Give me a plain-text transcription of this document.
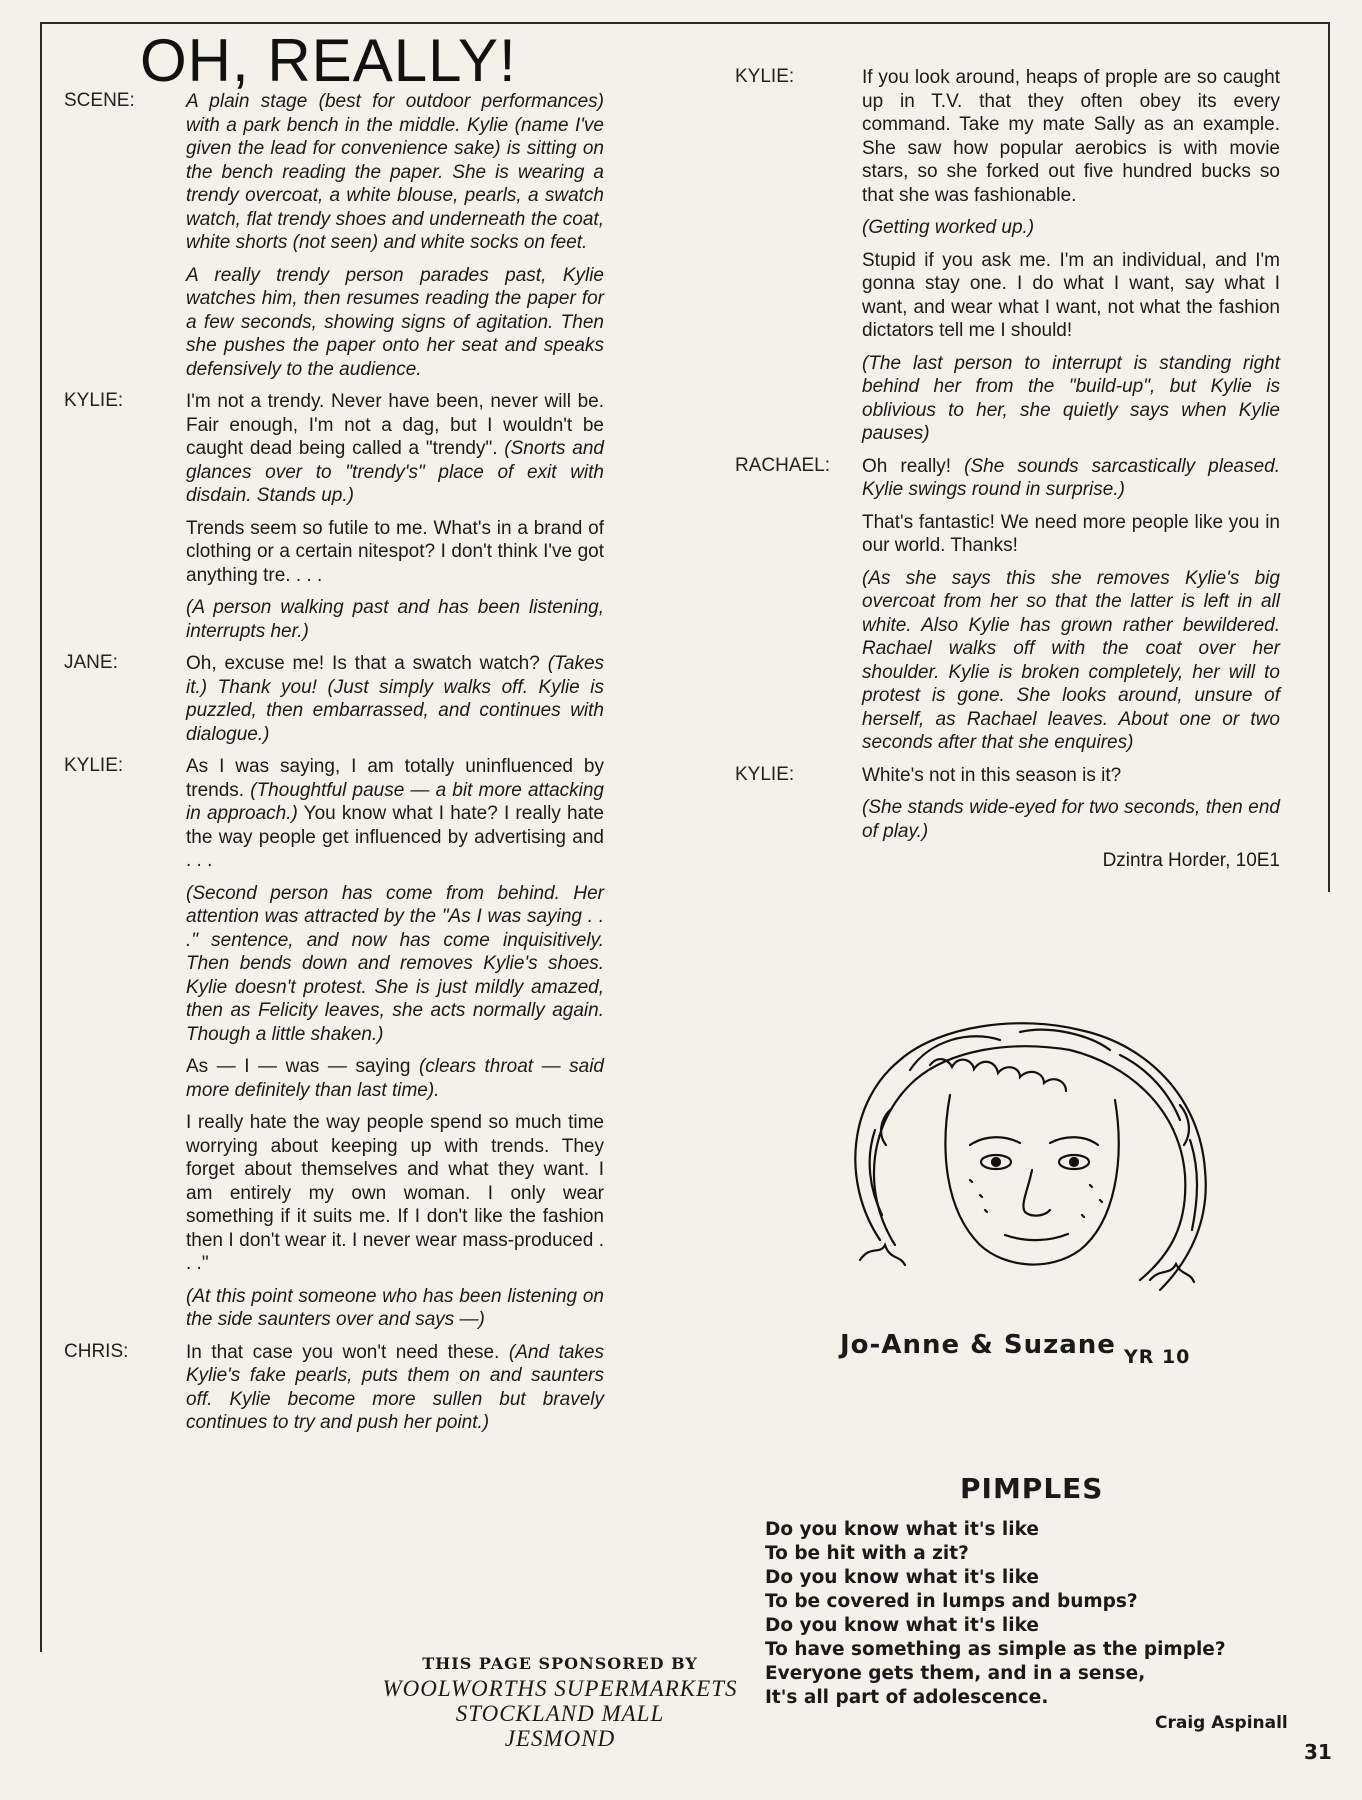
OH, REALLY!
SCENE:	A plain stage (best for outdoor performances) with a park bench in the middle. Kylie (name I've given the lead for convenience sake) is sitting on the bench reading the paper. She is wearing a trendy overcoat, a white blouse, pearls, a swatch watch, flat trendy shoes and underneath the coat, white shorts (not seen) and white socks on feet.

A really trendy person parades past, Kylie watches him, then resumes reading the paper for a few seconds, showing signs of agitation. Then she pushes the paper onto her seat and speaks defensively to the audience.

KYLIE:	I'm not a trendy. Never have been, never will be. Fair enough, I'm not a dag, but I wouldn't be caught dead being called a "trendy". (Snorts and glances over to "trendy's" place of exit with disdain. Stands up.)

Trends seem so futile to me. What's in a brand of clothing or a certain nitespot? I don't think I've got anything tre. . . .

(A person walking past and has been listening, interrupts her.)

JANE:	Oh, excuse me! Is that a swatch watch? (Takes it.) Thank you! (Just simply walks off. Kylie is puzzled, then embarrassed, and continues with dialogue.)

KYLIE:	As I was saying, I am totally uninfluenced by trends. (Thoughtful pause — a bit more attacking in approach.) You know what I hate? I really hate the way people get influenced by advertising and . . .

(Second person has come from behind. Her attention was attracted by the "As I was saying . . ." sentence, and now has come inquisitively. Then bends down and removes Kylie's shoes. Kylie doesn't protest. She is just mildly amazed, then as Felicity leaves, she acts normally again. Though a little shaken.)

As — I — was — saying (clears throat — said more definitely than last time).

I really hate the way people spend so much time worrying about keeping up with trends. They forget about themselves and what they want. I am entirely my own woman. I only wear something if it suits me. If I don't like the fashion then I don't wear it. I never wear mass-produced . . ."

(At this point someone who has been listening on the side saunters over and says —)

CHRIS:	In that case you won't need these. (And takes Kylie's fake pearls, puts them on and saunters off. Kylie become more sullen but bravely continues to try and push her point.)

KYLIE:	If you look around, heaps of prople are so caught up in T.V. that they often obey its every command. Take my mate Sally as an example. She saw how popular aerobics is with movie stars, so she forked out five hundred bucks so that she was fashionable.

(Getting worked up.)

Stupid if you ask me. I'm an individual, and I'm gonna stay one. I do what I want, say what I want, and wear what I want, not what the fashion dictators tell me I should!

(The last person to interrupt is standing right behind her from the "build-up", but Kylie is oblivious to her, she quietly says when Kylie pauses)

RACHAEL: Oh really! (She sounds sarcastically pleased. Kylie swings round in surprise.)

That's fantastic! We need more people like you in our world. Thanks!

(As she says this she removes Kylie's big overcoat from her so that the latter is left in all white. Also Kylie has grown rather bewildered. Rachael walks off with the coat over her shoulder. Kylie is broken completely, her will to protest is gone. She looks around, unsure of herself, as Rachael leaves. About one or two seconds after that she enquires)

KYLIE:	White's not in this season is it?

(She stands wide-eyed for two seconds, then end of play.)

Dzintra Horder, 10E1
Jo-Anne & Suzane $_{YR 10}$
PIMPLES

Do you know what it's like

To be hit with a zit?

Do you know what it's like

To be covered in lumps and bumps?

Do you know what it's like

To have something as simple as the pimple?

Everyone gets them, and in a sense,

It's all part of adolescence.

Craig Aspinall

THIS PAGE SPONSORED BY

WOOLWORTHS SUPERMARKETS

STOCKLAND MALL

JESMOND

31
